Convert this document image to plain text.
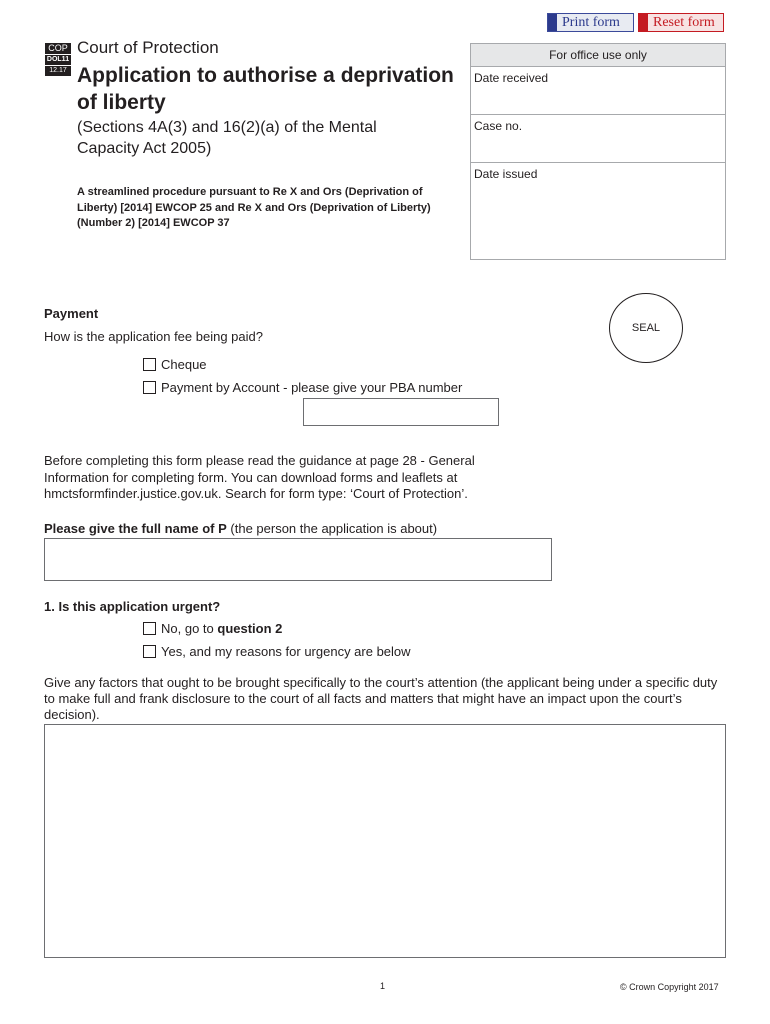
Print form	Reset form
COP
DOL11
12.17
Court of Protection
Application to authorise a deprivation of liberty
(Sections 4A(3) and 16(2)(a) of the Mental Capacity Act 2005)
A streamlined procedure pursuant to Re X and Ors (Deprivation of Liberty) [2014] EWCOP 25 and Re X and Ors (Deprivation of Liberty)(Number 2) [2014] EWCOP 37
For office use only
Date received
Case no.
Date issued
SEAL
Payment
How is the application fee being paid?
Cheque
Payment by Account - please give your PBA number
Before completing this form please read the guidance at page 28 - General Information for completing form. You can download forms and leaflets at hmctsformfinder.justice.gov.uk. Search for form type: ‘Court of Protection’.
Please give the full name of P (the person the application is about)
1. Is this application urgent?
No, go to question 2
Yes, and my reasons for urgency are below
Give any factors that ought to be brought specifically to the court’s attention (the applicant being under a specific duty to make full and frank disclosure to the court of all facts and matters that might have an impact upon the court’s decision).
1	© Crown Copyright 2017
